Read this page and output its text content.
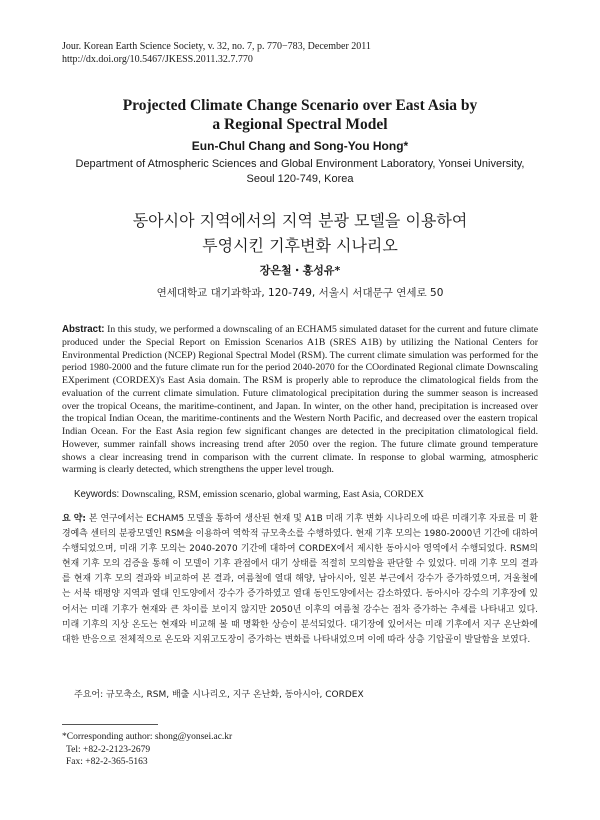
Jour. Korean Earth Science Society, v. 32, no. 7, p. 770−783, December 2011
http://dx.doi.org/10.5467/JKESS.2011.32.7.770
Projected Climate Change Scenario over East Asia by
a Regional Spectral Model
Eun-Chul Chang and Song-You Hong*
Department of Atmospheric Sciences and Global Environment Laboratory, Yonsei University,
Seoul 120-749, Korea
동아시아 지역에서의 지역 분광 모델을 이용하여
투영시킨 기후변화 시나리오
장은철・홍성유*
연세대학교 대기과학과, 120-749, 서울시 서대문구 연세로 50
Abstract: In this study, we performed a downscaling of an ECHAM5 simulated dataset for the current and future climate produced under the Special Report on Emission Scenarios A1B (SRES A1B) by utilizing the National Centers for Environmental Prediction (NCEP) Regional Spectral Model (RSM). The current climate simulation was performed for the period 1980-2000 and the future climate run for the period 2040-2070 for the COordinated Regional climate Downscaling EXperiment (CORDEX)'s East Asia domain. The RSM is properly able to reproduce the climatological fields from the evaluation of the current climate simulation. Future climatological precipitation during the summer season is increased over the tropical Oceans, the maritime-continent, and Japan. In winter, on the other hand, precipitation is increased over the tropical Indian Ocean, the maritime-continents and the Western North Pacific, and decreased over the eastern tropical Indian Ocean. For the East Asia region few significant changes are detected in the precipitation climatological field. However, summer rainfall shows increasing trend after 2050 over the region. The future climate ground temperature shows a clear increasing trend in comparison with the current climate. In response to global warming, atmospheric warming is clearly detected, which strengthens the upper level trough.
Keywords: Downscaling, RSM, emission scenario, global warming, East Asia, CORDEX
요 약: 본 연구에서는 ECHAM5 모델을 통하여 생산된 현재 및 A1B 미래 기후 변화 시나리오에 따른 미래기후 자료를 미 환경예측 센터의 분광모델인 RSM을 이용하여 역학적 규모축소를 수행하였다. 현재 기후 모의는 1980-2000년 기간에 대하여 수행되었으며, 미래 기후 모의는 2040-2070 기간에 대하여 CORDEX에서 제시한 동아시아 영역에서 수행되었다. RSM의 현재 기후 모의 검증을 통해 이 모델이 기후 관점에서 대기 상태를 적절히 모의함을 판단할 수 있었다. 미래 기후 모의 결과를 현재 기후 모의 결과와 비교하여 본 결과, 여름철에 열대 해양, 남아시아, 일본 부근에서 강수가 증가하였으며, 겨울철에는 서북 태평양 지역과 열대 인도양에서 강수가 증가하였고 열대 동인도양에서는 감소하였다. 동아시아 강수의 기후장에 있어서는 미래 기후가 현재와 큰 차이를 보이지 않지만 2050년 이후의 여름철 강수는 점차 증가하는 추세를 나타내고 있다. 미래 기후의 지상 온도는 현재와 비교해 볼 때 명확한 상승이 분석되었다. 대기장에 있어서는 미래 기후에서 지구 온난화에 대한 반응으로 전체적으로 온도와 지위고도장이 증가하는 변화를 나타내었으며 이에 따라 상층 기압골이 발달함을 보였다.
주요어: 규모축소, RSM, 배출 시나리오, 지구 온난화, 동아시아, CORDEX
*Corresponding author: shong@yonsei.ac.kr
Tel: +82-2-2123-2679
Fax: +82-2-365-5163
